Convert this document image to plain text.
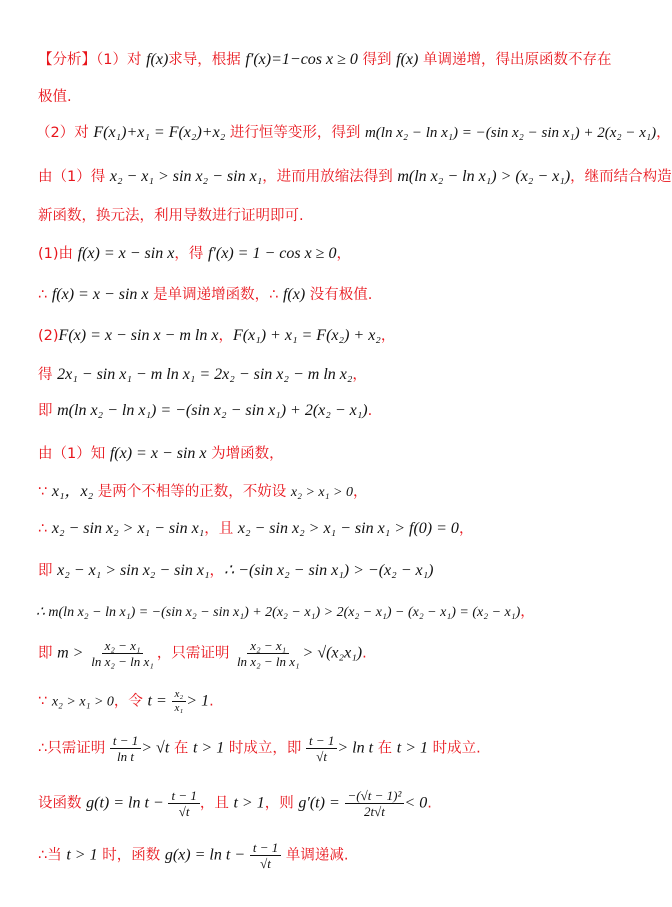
【分析】（1）对 f(x)求导，根据 f′(x)=1−cos x ≥ 0 得到 f(x) 单调递增，得出原函数不存在
极值.
（2）对 F(x₁)+x₁ = F(x₂)+x₂ 进行恒等变形，得到 m(ln x₂ − ln x₁) = −(sin x₂ − sin x₁) + 2(x₂ − x₁)，
由（1）得 x₂ − x₁ > sin x₂ − sin x₁，进而用放缩法得到 m(ln x₂ − ln x₁) > (x₂ − x₁)，继而结合构造
新函数，换元法，利用导数进行证明即可.
(1)由 f(x) = x − sin x，得 f′(x) = 1 − cos x ≥ 0，
∴ f(x) = x − sin x 是单调递增函数，∴ f(x) 没有极值.
(2)F(x) = x − sin x − m ln x，F(x₁) + x₁ = F(x₂) + x₂，
得 2x₁ − sin x₁ − m ln x₁ = 2x₂ − sin x₂ − m ln x₂，
即 m(ln x₂ − ln x₁) = −(sin x₂ − sin x₁) + 2(x₂ − x₁).
由（1）知 f(x) = x − sin x 为增函数，
∵ x₁，x₂ 是两个不相等的正数，不妨设 x₂ > x₁ > 0，
∴ x₂ − sin x₂ > x₁ − sin x₁，且 x₂ − sin x₂ > x₁ − sin x₁ > f(0) = 0，
即 x₂ − x₁ > sin x₂ − sin x₁，∴ −(sin x₂ − sin x₁) > −(x₂ − x₁)
∴ m(ln x₂ − ln x₁) = −(sin x₂ − sin x₁) + 2(x₂ − x₁) > 2(x₂ − x₁) − (x₂ − x₁) = (x₂ − x₁)，
即 $m > \frac{\text{x₂ − x₁}}{\text{ln x₂ − ln x₁}}$ ，只需证明 $\frac{\text{x₂ − x₁}}{\text{ln x₂ − ln x₁}} > √(x_2x_1)$.
∵ x₂ > x₁ > 0，令 $t = \frac{\text{x₂}}{\text{x₁}} > 1$.
∴只需证明 $\frac{t - 1}{\text{ln t}} > √t$ 在 t > 1 时成立，即 $\frac{t - 1}{√t} > \ln t$ 在 t > 1 时成立.
设函数 $g(t) = \ln t - \frac{t - 1}{√t}$ ，且 t > 1，则 $g'(t) = \frac{\text{−(√t − 1)²}}{2t√t} < 0$.
∴当 t > 1 时，函数 $g(x) = \ln t - \frac{t - 1}{√t}$ 单调递减.
